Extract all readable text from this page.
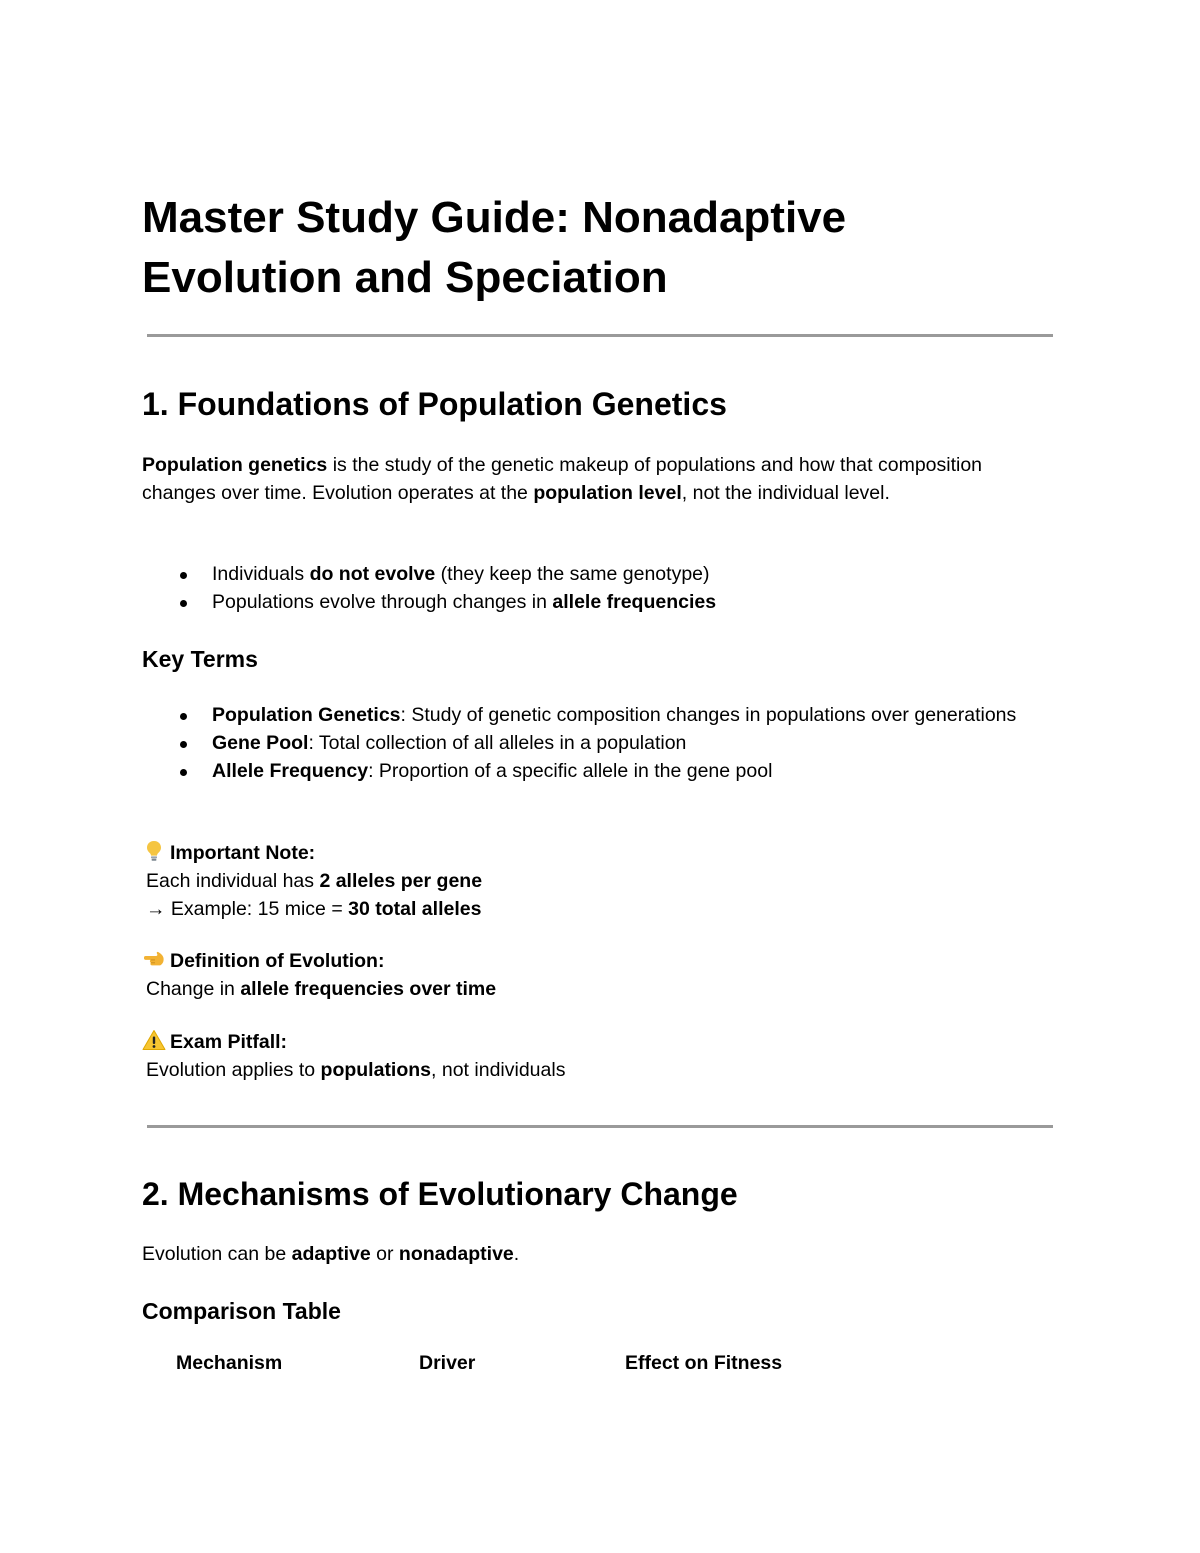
Master Study Guide: Nonadaptive Evolution and Speciation
1. Foundations of Population Genetics

Population genetics is the study of the genetic makeup of populations and how that composition changes over time. Evolution operates at the population level, not the individual level.

Individuals do not evolve (they keep the same genotype)
Populations evolve through changes in allele frequencies
Key Terms
Population Genetics: Study of genetic composition changes in populations over generations
Gene Pool: Total collection of all alleles in a population
Allele Frequency: Proportion of a specific allele in the gene pool
Important Note:
Each individual has 2 alleles per gene
→ Example: 15 mice = 30 total alleles
Definition of Evolution:
Change in allele frequencies over time
Exam Pitfall:
Evolution applies to populations, not individuals
2. Mechanisms of Evolutionary Change
Evolution can be adaptive or nonadaptive.
Comparison Table
Mechanism	Driver	Effect on Fitness
